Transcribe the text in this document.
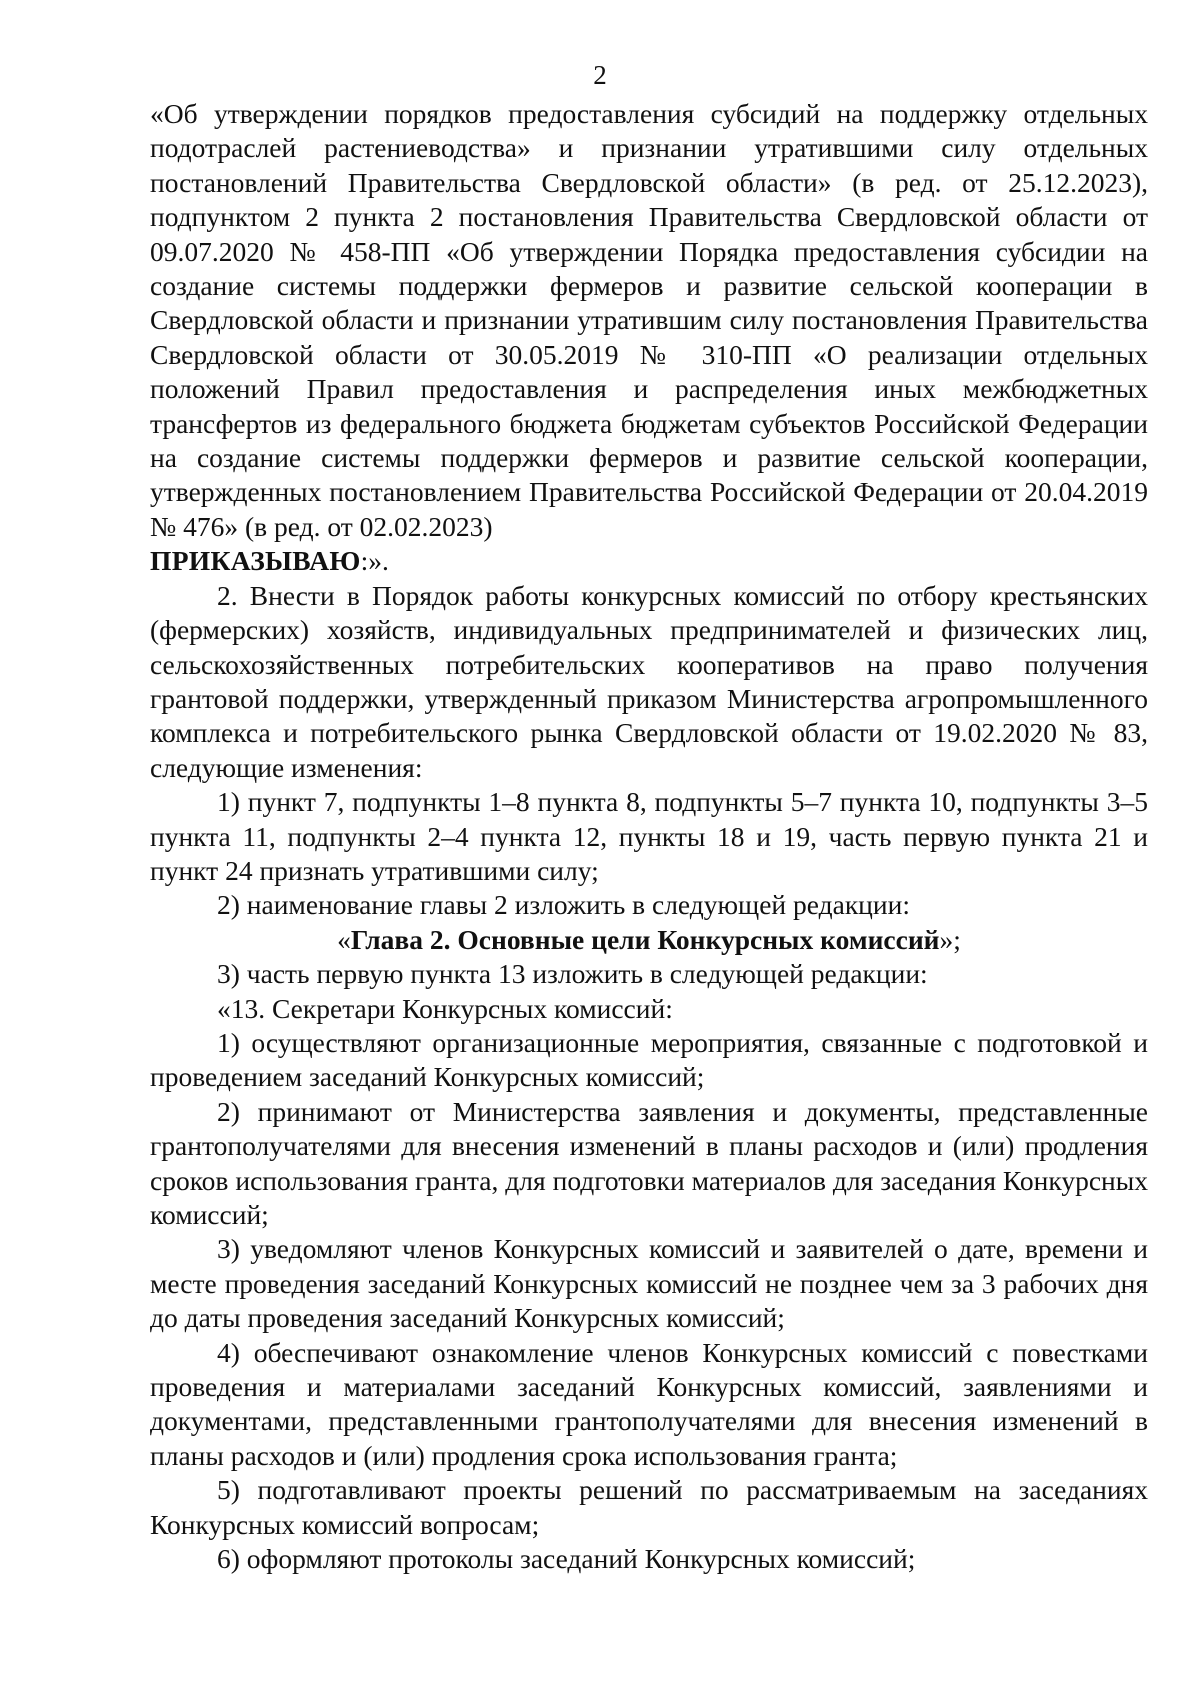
2

«Об утверждении порядков предоставления субсидий на поддержку отдельных подотраслей растениеводства» и признании утратившими силу отдельных постановлений Правительства Свердловской области» (в ред. от 25.12.2023), подпунктом 2 пункта 2 постановления Правительства Свердловской области от 09.07.2020 № 458-ПП «Об утверждении Порядка предоставления субсидии на создание системы поддержки фермеров и развитие сельской кооперации в Свердловской области и признании утратившим силу постановления Правительства Свердловской области от 30.05.2019 № 310-ПП «О реализации отдельных положений Правил предоставления и распределения иных межбюджетных трансфертов из федерального бюджета бюджетам субъектов Российской Федерации на создание системы поддержки фермеров и развитие сельской кооперации, утвержденных постановлением Правительства Российской Федерации от 20.04.2019 № 476» (в ред. от 02.02.2023)

ПРИКАЗЫВАЮ:».

2. Внести в Порядок работы конкурсных комиссий по отбору крестьянских (фермерских) хозяйств, индивидуальных предпринимателей и физических лиц, сельскохозяйственных потребительских кооперативов на право получения грантовой поддержки, утвержденный приказом Министерства агропромышленного комплекса и потребительского рынка Свердловской области от 19.02.2020 № 83, следующие изменения:

1) пункт 7, подпункты 1–8 пункта 8, подпункты 5–7 пункта 10, подпункты 3–5 пункта 11, подпункты 2–4 пункта 12, пункты 18 и 19, часть первую пункта 21 и пункт 24 признать утратившими силу;

2) наименование главы 2 изложить в следующей редакции:

«Глава 2. Основные цели Конкурсных комиссий»;

3) часть первую пункта 13 изложить в следующей редакции:

«13. Секретари Конкурсных комиссий:

1) осуществляют организационные мероприятия, связанные с подготовкой и проведением заседаний Конкурсных комиссий;

2) принимают от Министерства заявления и документы, представленные грантополучателями для внесения изменений в планы расходов и (или) продления сроков использования гранта, для подготовки материалов для заседания Конкурсных комиссий;

3) уведомляют членов Конкурсных комиссий и заявителей о дате, времени и месте проведения заседаний Конкурсных комиссий не позднее чем за 3 рабочих дня до даты проведения заседаний Конкурсных комиссий;

4) обеспечивают ознакомление членов Конкурсных комиссий с повестками проведения и материалами заседаний Конкурсных комиссий, заявлениями и документами, представленными грантополучателями для внесения изменений в планы расходов и (или) продления срока использования гранта;

5) подготавливают проекты решений по рассматриваемым на заседаниях Конкурсных комиссий вопросам;

6) оформляют протоколы заседаний Конкурсных комиссий;
